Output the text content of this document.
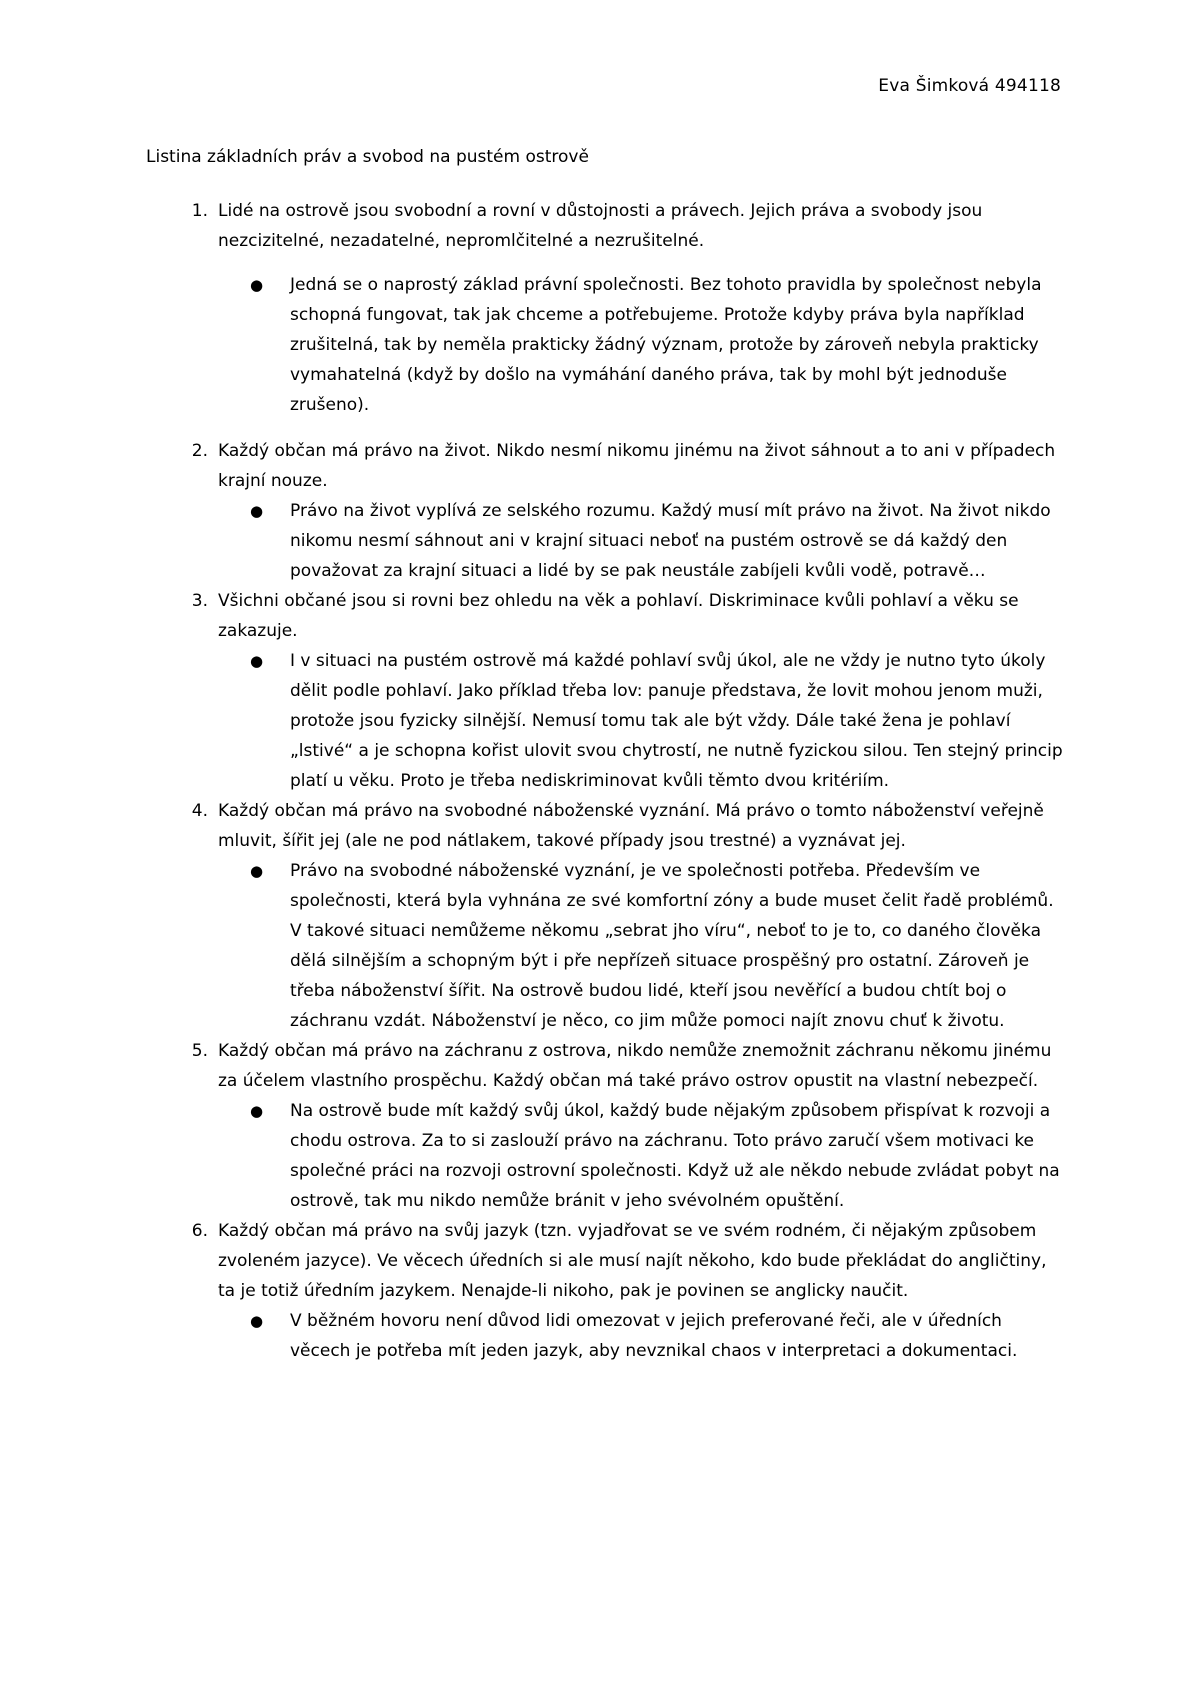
Eva Šimková 494118
Listina základních práv a svobod na pustém ostrově
1. Lidé na ostrově jsou svobodní a rovní v důstojnosti a právech. Jejich práva a svobody jsou nezcizitelné, nezadatelné, nepromlčitelné a nezrušitelné.
● Jedná se o naprostý základ právní společnosti. Bez tohoto pravidla by společnost nebyla schopná fungovat, tak jak chceme a potřebujeme. Protože kdyby práva byla například zrušitelná, tak by neměla prakticky žádný význam, protože by zároveň nebyla prakticky vymahatelná (když by došlo na vymáhání daného práva, tak by mohl být jednoduše zrušeno).
2. Každý občan má právo na život. Nikdo nesmí nikomu jinému na život sáhnout a to ani v případech krajní nouze.
● Právo na život vyplívá ze selského rozumu. Každý musí mít právo na život. Na život nikdo nikomu nesmí sáhnout ani v krajní situaci neboť na pustém ostrově se dá každý den považovat za krajní situaci a lidé by se pak neustále zabíjeli kvůli vodě, potravě…
3. Všichni občané jsou si rovni bez ohledu na věk a pohlaví. Diskriminace kvůli pohlaví a věku se zakazuje.
● I v situaci na pustém ostrově má každé pohlaví svůj úkol, ale ne vždy je nutno tyto úkoly dělit podle pohlaví. Jako příklad třeba lov: panuje představa, že lovit mohou jenom muži, protože jsou fyzicky silnější. Nemusí tomu tak ale být vždy. Dále také žena je pohlaví „lstivé“ a je schopna kořist ulovit svou chytrostí, ne nutně fyzickou silou. Ten stejný princip platí u věku. Proto je třeba nediskriminovat kvůli těmto dvou kritériím.
4. Každý občan má právo na svobodné náboženské vyznání. Má právo o tomto náboženství veřejně mluvit, šířit jej (ale ne pod nátlakem, takové případy jsou trestné) a vyznávat jej.
● Právo na svobodné náboženské vyznání, je ve společnosti potřeba. Především ve společnosti, která byla vyhnána ze své komfortní zóny a bude muset čelit řadě problémů. V takové situaci nemůžeme někomu „sebrat jho víru“, neboť to je to, co daného člověka dělá silnějším a schopným být i pře nepřízeň situace prospěšný pro ostatní. Zároveň je třeba náboženství šířit. Na ostrově budou lidé, kteří jsou nevěřící a budou chtít boj o záchranu vzdát. Náboženství je něco, co jim může pomoci najít znovu chuť k životu.
5. Každý občan má právo na záchranu z ostrova, nikdo nemůže znemožnit záchranu někomu jinému za účelem vlastního prospěchu. Každý občan má také právo ostrov opustit na vlastní nebezpečí.
● Na ostrově bude mít každý svůj úkol, každý bude nějakým způsobem přispívat k rozvoji a chodu ostrova. Za to si zaslouží právo na záchranu. Toto právo zaručí všem motivaci ke společné práci na rozvoji ostrovní společnosti. Když už ale někdo nebude zvládat pobyt na ostrově, tak mu nikdo nemůže bránit v jeho svévolném opuštění.
6. Každý občan má právo na svůj jazyk (tzn. vyjadřovat se ve svém rodném, či nějakým způsobem zvoleném jazyce). Ve věcech úředních si ale musí najít někoho, kdo bude překládat do angličtiny, ta je totiž úředním jazykem. Nenajde-li nikoho, pak je povinen se anglicky naučit.
● V běžném hovoru není důvod lidi omezovat v jejich preferované řeči, ale v úředních věcech je potřeba mít jeden jazyk, aby nevznikal chaos v interpretaci a dokumentaci.
